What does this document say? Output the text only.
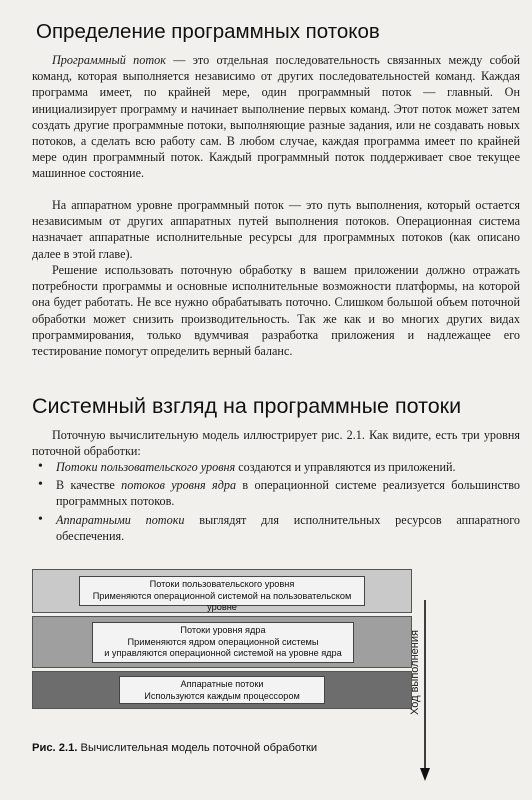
Определение программных потоков

Программный поток — это отдельная последовательность связанных между собой команд, которая выполняется независимо от других последовательностей команд. Каждая программа имеет, по крайней мере, один программный поток — главный. Он инициализирует программу и начинает выполнение первых команд. Этот поток может затем создать другие программные потоки, выполняющие разные задания, или не создавать новых потоков, а сделать всю работу сам. В любом случае, каждая программа имеет по крайней мере один программный поток. Каждый программный поток поддерживает свое текущее машинное состояние.

На аппаратном уровне программный поток — это путь выполнения, который остается независимым от других аппаратных путей выполнения потоков. Операционная система назначает аппаратные исполнительные ресурсы для программных потоков (как описано далее в этой главе).

Решение использовать поточную обработку в вашем приложении должно отражать потребности программы и основные исполнительные возможности платформы, на которой она будет работать. Не все нужно обрабатывать поточно. Слишком большой объем поточной обработки может снизить производительность. Так же как и во многих других видах программирования, только вдумчивая разработка приложения и надлежащее его тестирование помогут определить верный баланс.

Системный взгляд на программные потоки

Поточную вычислительную модель иллюстрирует рис. 2.1. Как видите, есть три уровня поточной обработки:

• Потоки пользовательского уровня создаются и управляются из приложений.
• В качестве потоков уровня ядра в операционной системе реализуется большинство программных потоков.
• Аппаратными потоки выглядят для исполнительных ресурсов аппаратного обеспечения.
Потоки пользовательского уровня
Применяются операционной системой на пользовательском уровне
Потоки уровня ядра
Применяются ядром операционной системы
и управляются операционной системой на уровне ядра
Аппаратные потоки
Используются каждым процессором	Ход выполнения
Рис. 2.1. Вычислительная модель поточной обработки
